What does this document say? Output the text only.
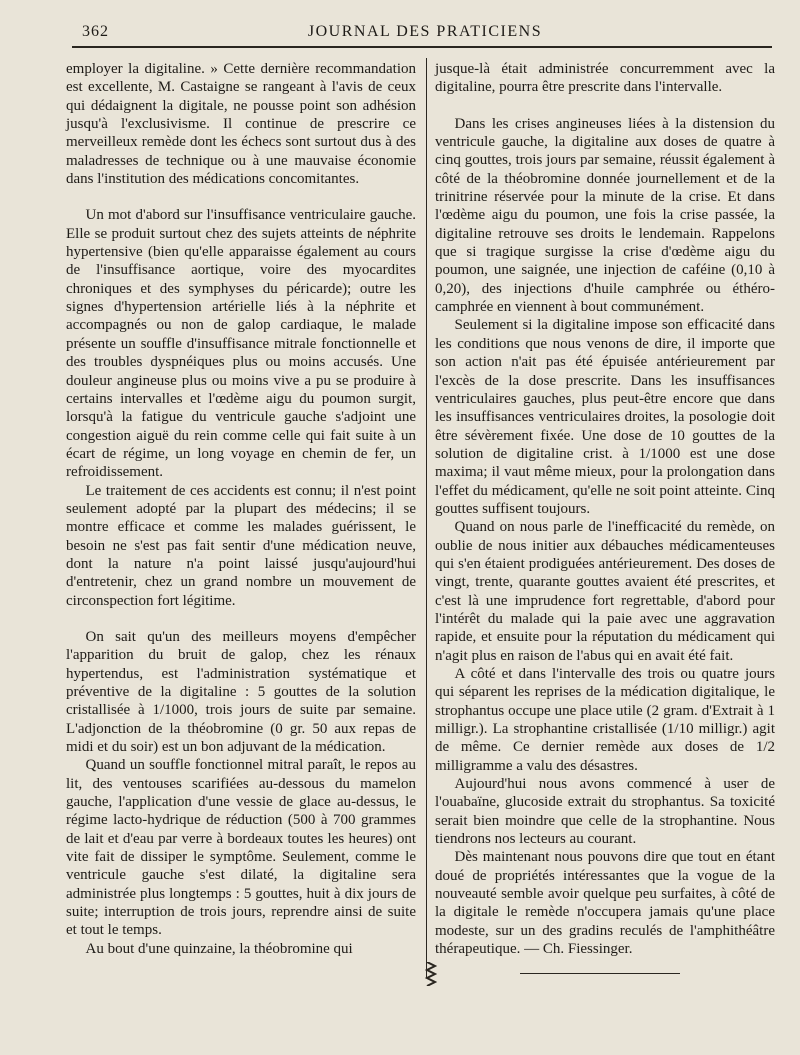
362	JOURNAL DES PRATICIENS

employer la digitaline. » Cette dernière recommandation est excellente, M. Castaigne se rangeant à l'avis de ceux qui dédaignent la digitale, ne pousse point son adhésion jusqu'à l'exclusivisme. Il continue de prescrire ce merveilleux remède dont les échecs sont surtout dus à des maladresses de technique ou à une mauvaise économie dans l'institution des médications concomitantes.

Un mot d'abord sur l'insuffisance ventriculaire gauche. Elle se produit surtout chez des sujets atteints de néphrite hypertensive (bien qu'elle apparaisse également au cours de l'insuffisance aortique, voire des myocardites chroniques et des symphyses du péricarde); outre les signes d'hypertension artérielle liés à la néphrite et accompagnés ou non de galop cardiaque, le malade présente un souffle d'insuffisance mitrale fonctionnelle et des troubles dyspnéiques plus ou moins accusés. Une douleur angineuse plus ou moins vive a pu se produire à certains intervalles et l'œdème aigu du poumon surgit, lorsqu'à la fatigue du ventricule gauche s'adjoint une congestion aiguë du rein comme celle qui fait suite à un écart de régime, un long voyage en chemin de fer, un refroidissement.

Le traitement de ces accidents est connu; il n'est point seulement adopté par la plupart des médecins; il se montre efficace et comme les malades guérissent, le besoin ne s'est pas fait sentir d'une médication neuve, dont la nature n'a point laissé jusqu'aujourd'hui d'entretenir, chez un grand nombre un mouvement de circonspection fort légitime.

On sait qu'un des meilleurs moyens d'empêcher l'apparition du bruit de galop, chez les rénaux hypertendus, est l'administration systématique et préventive de la digitaline : 5 gouttes de la solution cristallisée à 1/1000, trois jours de suite par semaine. L'adjonction de la théobromine (0 gr. 50 aux repas de midi et du soir) est un bon adjuvant de la médication.

Quand un souffle fonctionnel mitral paraît, le repos au lit, des ventouses scarifiées au-dessous du mamelon gauche, l'application d'une vessie de glace au-dessus, le régime lacto-hydrique de réduction (500 à 700 grammes de lait et d'eau par verre à bordeaux toutes les heures) ont vite fait de dissiper le symptôme. Seulement, comme le ventricule gauche s'est dilaté, la digitaline sera administrée plus longtemps : 5 gouttes, huit à dix jours de suite; interruption de trois jours, reprendre ainsi de suite et tout le temps.

Au bout d'une quinzaine, la théobromine qui

jusque-là était administrée concurremment avec la digitaline, pourra être prescrite dans l'intervalle.

Dans les crises angineuses liées à la distension du ventricule gauche, la digitaline aux doses de quatre à cinq gouttes, trois jours par semaine, réussit également à côté de la théobromine donnée journellement et de la trinitrine réservée pour la minute de la crise. Et dans l'œdème aigu du poumon, une fois la crise passée, la digitaline retrouve ses droits le lendemain. Rappelons que si tragique surgisse la crise d'œdème aigu du poumon, une saignée, une injection de caféine (0,10 à 0,20), des injections d'huile camphrée ou éthéro-camphrée en viennent à bout communément.

Seulement si la digitaline impose son efficacité dans les conditions que nous venons de dire, il importe que son action n'ait pas été épuisée antérieurement par l'excès de la dose prescrite. Dans les insuffisances ventriculaires gauches, plus peut-être encore que dans les insuffisances ventriculaires droites, la posologie doit être sévèrement fixée. Une dose de 10 gouttes de la solution de digitaline crist. à 1/1000 est une dose maxima; il vaut même mieux, pour la prolongation dans l'effet du médicament, qu'elle ne soit point atteinte. Cinq gouttes suffisent toujours.

Quand on nous parle de l'inefficacité du remède, on oublie de nous initier aux débauches médicamenteuses qui s'en étaient prodiguées antérieurement. Des doses de vingt, trente, quarante gouttes avaient été prescrites, et c'est là une imprudence fort regrettable, d'abord pour l'intérêt du malade qui la paie avec une aggravation rapide, et ensuite pour la réputation du médicament qui n'agit plus en raison de l'abus qui en avait été fait.

A côté et dans l'intervalle des trois ou quatre jours qui séparent les reprises de la médication digitalique, le strophantus occupe une place utile (2 gram. d'Extrait à 1 milligr.). La strophantine cristallisée (1/10 milligr.) agit de même. Ce dernier remède aux doses de 1/2 milligramme a valu des désastres.

Aujourd'hui nous avons commencé à user de l'ouabaïne, glucoside extrait du strophantus. Sa toxicité serait bien moindre que celle de la strophantine. Nous tiendrons nos lecteurs au courant.

Dès maintenant nous pouvons dire que tout en étant doué de propriétés intéressantes que la vogue de la nouveauté semble avoir quelque peu surfaites, à côté de la digitale le remède n'occupera jamais qu'une place modeste, sur un des gradins reculés de l'amphithéâtre thérapeutique. — Ch. Fiessinger.
